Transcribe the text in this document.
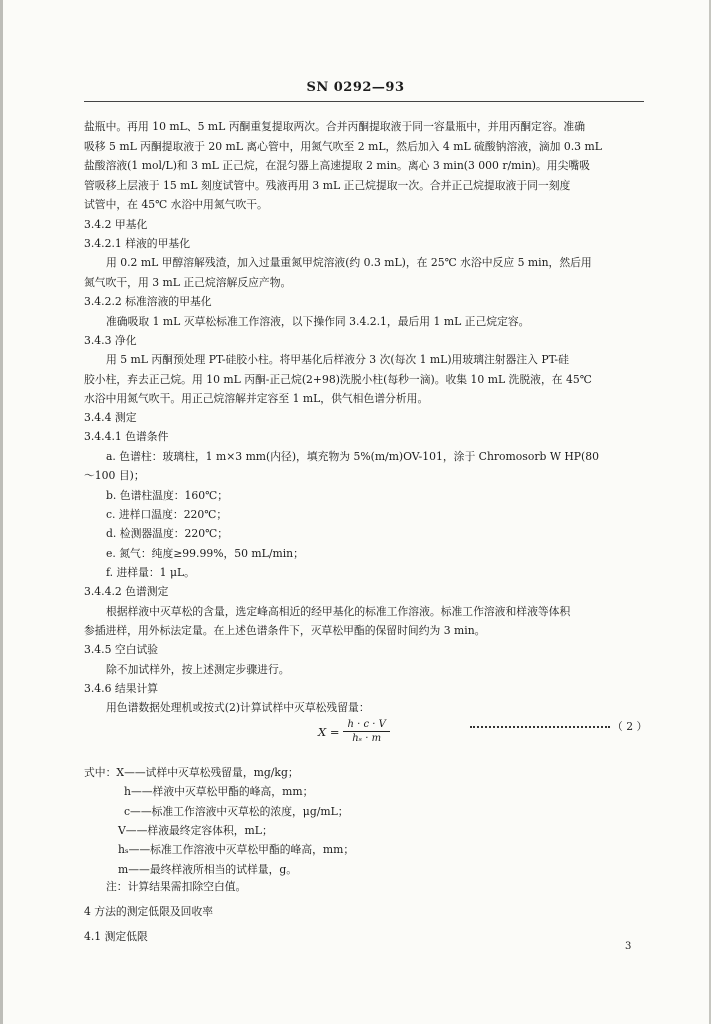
SN 0292—93
盐瓶中。再用 10 mL、5 mL 丙酮重复提取两次。合并丙酮提取液于同一容量瓶中，并用丙酮定容。准确
吸移 5 mL 丙酮提取液于 20 mL 离心管中，用氮气吹至 2 mL，然后加入 4 mL 硫酸钠溶液，滴加 0.3 mL
盐酸溶液(1 mol/L)和 3 mL 正己烷，在混匀器上高速提取 2 min。离心 3 min(3 000 r/min)。用尖嘴吸
管吸移上层液于 15 mL 刻度试管中。残液再用 3 mL 正己烷提取一次。合并正己烷提取液于同一刻度
试管中，在 45℃ 水浴中用氮气吹干。
3.4.2 甲基化
3.4.2.1 样液的甲基化
用 0.2 mL 甲醇溶解残渣，加入过量重氮甲烷溶液(约 0.3 mL)，在 25℃ 水浴中反应 5 min，然后用
氮气吹干，用 3 mL 正己烷溶解反应产物。
3.4.2.2 标准溶液的甲基化
准确吸取 1 mL 灭草松标准工作溶液，以下操作同 3.4.2.1，最后用 1 mL 正己烷定容。
3.4.3 净化
用 5 mL 丙酮预处理 PT-硅胶小柱。将甲基化后样液分 3 次(每次 1 mL)用玻璃注射器注入 PT-硅
胶小柱，弃去正己烷。用 10 mL 丙酮-正己烷(2+98)洗脱小柱(每秒一滴)。收集 10 mL 洗脱液，在 45℃
水浴中用氮气吹干。用正己烷溶解并定容至 1 mL，供气相色谱分析用。
3.4.4 测定
3.4.4.1 色谱条件
a. 色谱柱：玻璃柱，1 m×3 mm(内径)，填充物为 5%(m/m)OV-101，涂于 Chromosorb W HP(80
～100 目)；
b. 色谱柱温度：160℃；
c. 进样口温度：220℃；
d. 检测器温度：220℃；
e. 氮气：纯度≥99.99%，50 mL/min；
f. 进样量：1 μL。
3.4.4.2 色谱测定
根据样液中灭草松的含量，选定峰高相近的经甲基化的标准工作溶液。标准工作溶液和样液等体积
参插进样，用外标法定量。在上述色谱条件下，灭草松甲酯的保留时间约为 3 min。
3.4.5 空白试验
除不加试样外，按上述测定步骤进行。
3.4.6 结果计算
用色谱数据处理机或按式(2)计算试样中灭草松残留量：
式中：X——试样中灭草松残留量，mg/kg；
h——样液中灭草松甲酯的峰高，mm；
c——标准工作溶液中灭草松的浓度，μg/mL；
V——样液最终定容体积，mL；
hₛ——标准工作溶液中灭草松甲酯的峰高，mm；
m——最终样液所相当的试样量，g。
注：计算结果需扣除空白值。
4 方法的测定低限及回收率
4.1 测定低限
$X = \frac{h \cdot c \cdot V}{\text{hₛ · m}}$	（ 2 ）
3
